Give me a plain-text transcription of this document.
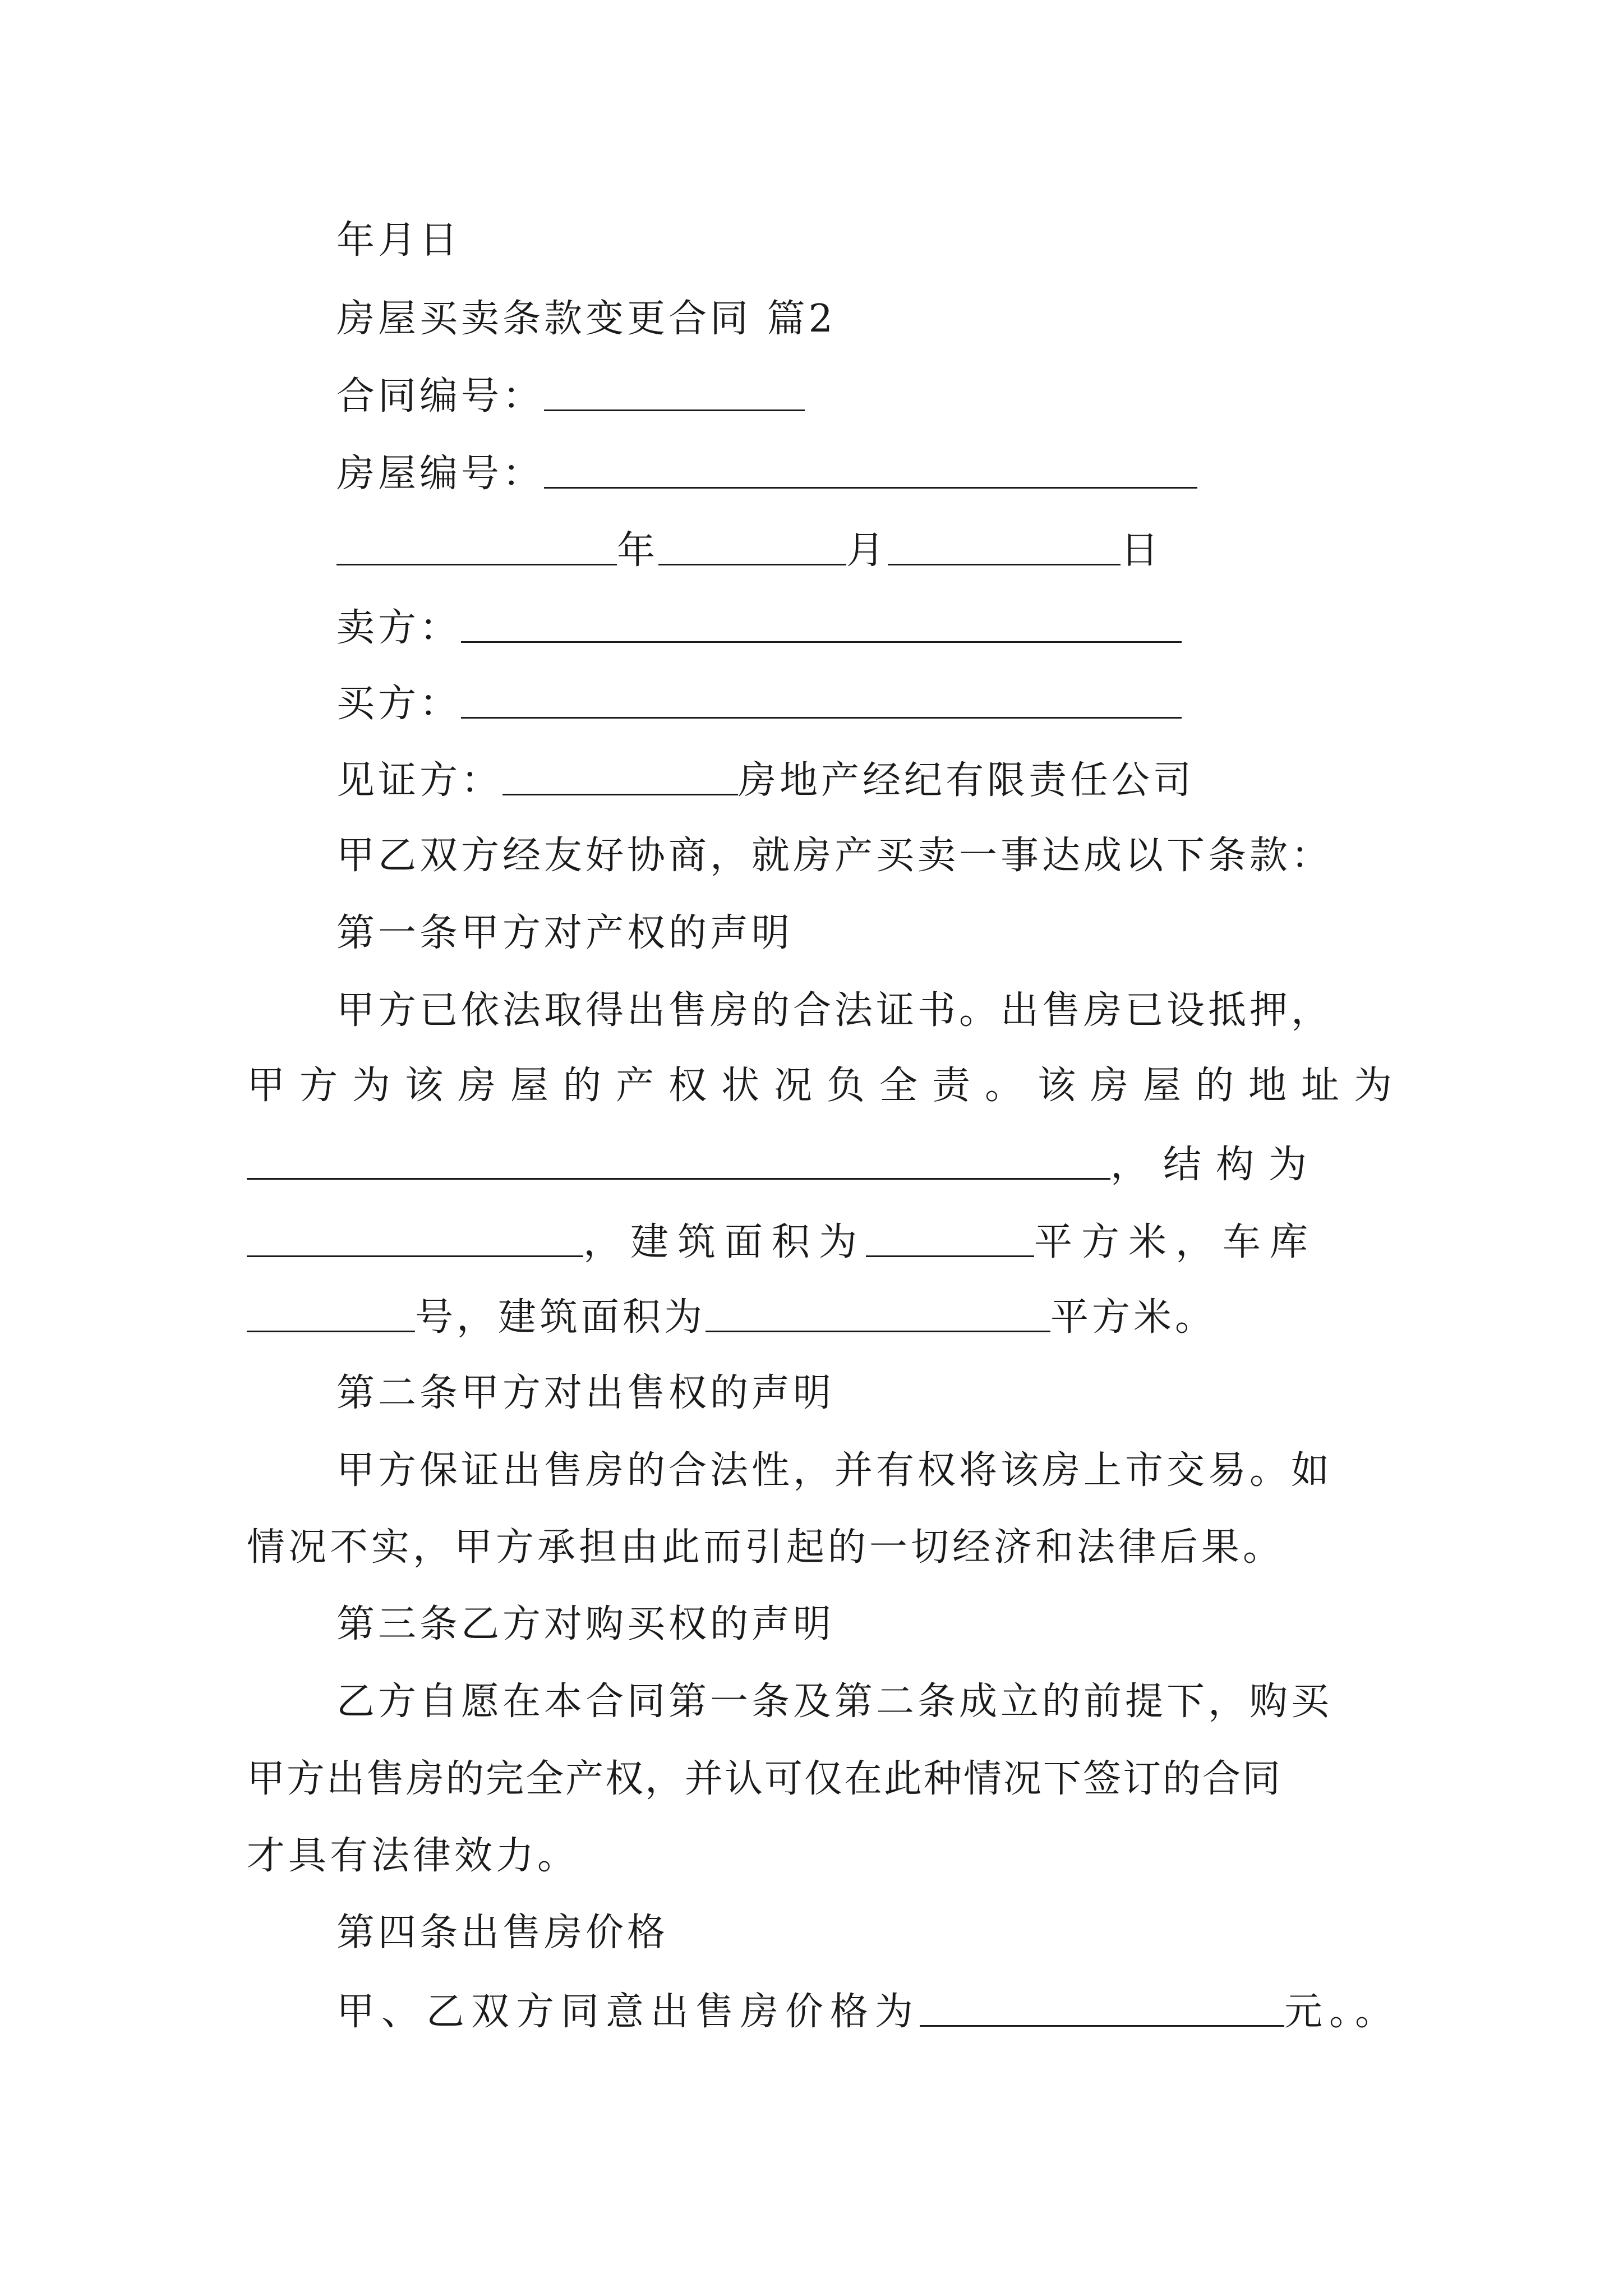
年月日
房屋买卖条款变更合同 篇2
合同编号：
房屋编号：
年	月	日
卖方：
买方：
见证方：	房地产经纪有限责任公司
甲乙双方经友好协商，就房产买卖一事达成以下条款：
第一条甲方对产权的声明
甲方已依法取得出售房的合法证书。出售房已设抵押，
甲方为该房屋的产权状况负全责。该房屋的地址为
，结构为
，建筑面积为	平方米，车库
号，建筑面积为	平方米。
第二条甲方对出售权的声明
甲方保证出售房的合法性，并有权将该房上市交易。如
情况不实，甲方承担由此而引起的一切经济和法律后果。
第三条乙方对购买权的声明
乙方自愿在本合同第一条及第二条成立的前提下，购买
甲方出售房的完全产权，并认可仅在此种情况下签订的合同
才具有法律效力。
第四条出售房价格
甲、乙双方同意出售房价格为	元。。
